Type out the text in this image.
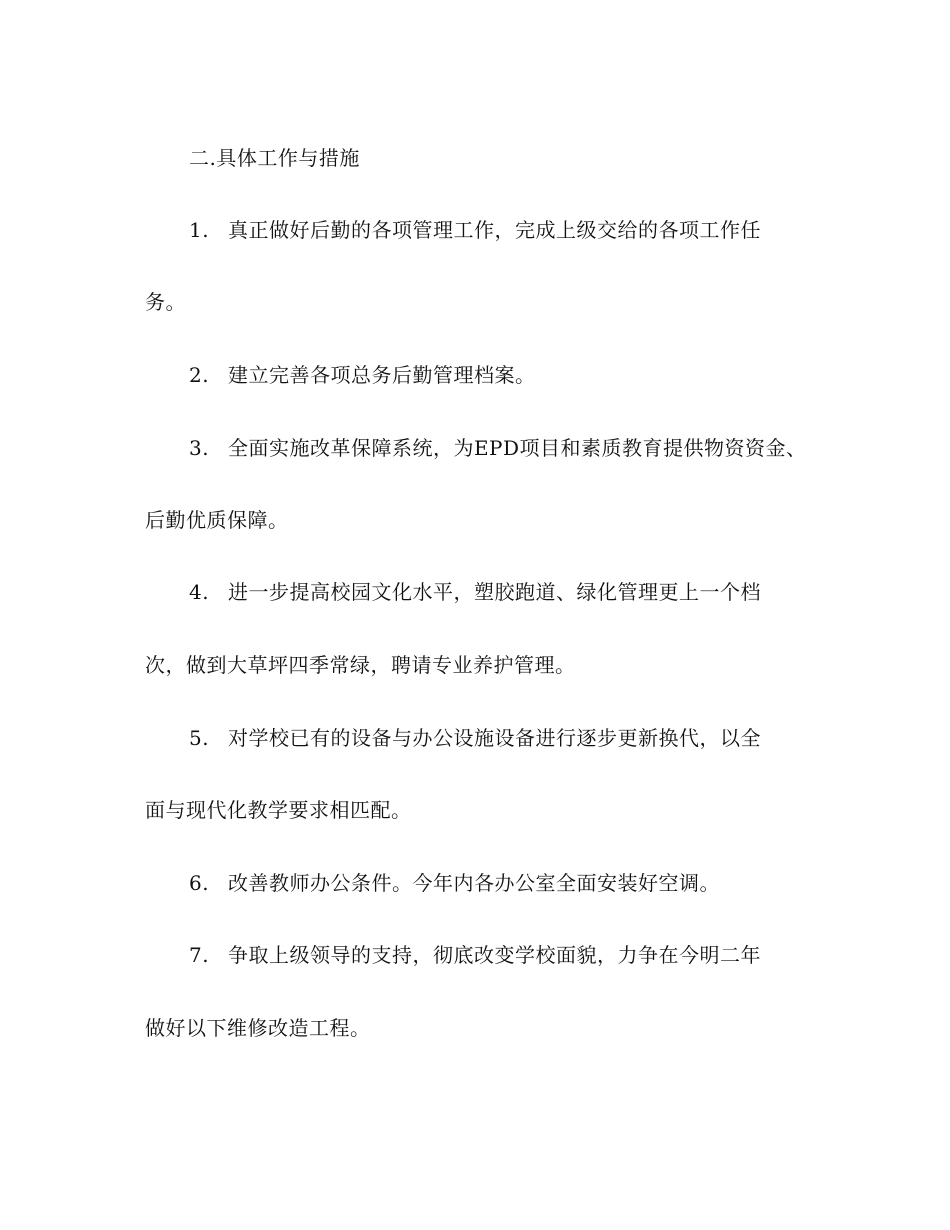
二.具体工作与措施
1. 真正做好后勤的各项管理工作，完成上级交给的各项工作任
务。
2. 建立完善各项总务后勤管理档案。
3. 全面实施改革保障系统，为EPD项目和素质教育提供物资资金、
后勤优质保障。
4. 进一步提高校园文化水平，塑胶跑道、绿化管理更上一个档
次，做到大草坪四季常绿，聘请专业养护管理。
5. 对学校已有的设备与办公设施设备进行逐步更新换代，以全
面与现代化教学要求相匹配。
6. 改善教师办公条件。今年内各办公室全面安装好空调。
7. 争取上级领导的支持，彻底改变学校面貌，力争在今明二年
做好以下维修改造工程。
